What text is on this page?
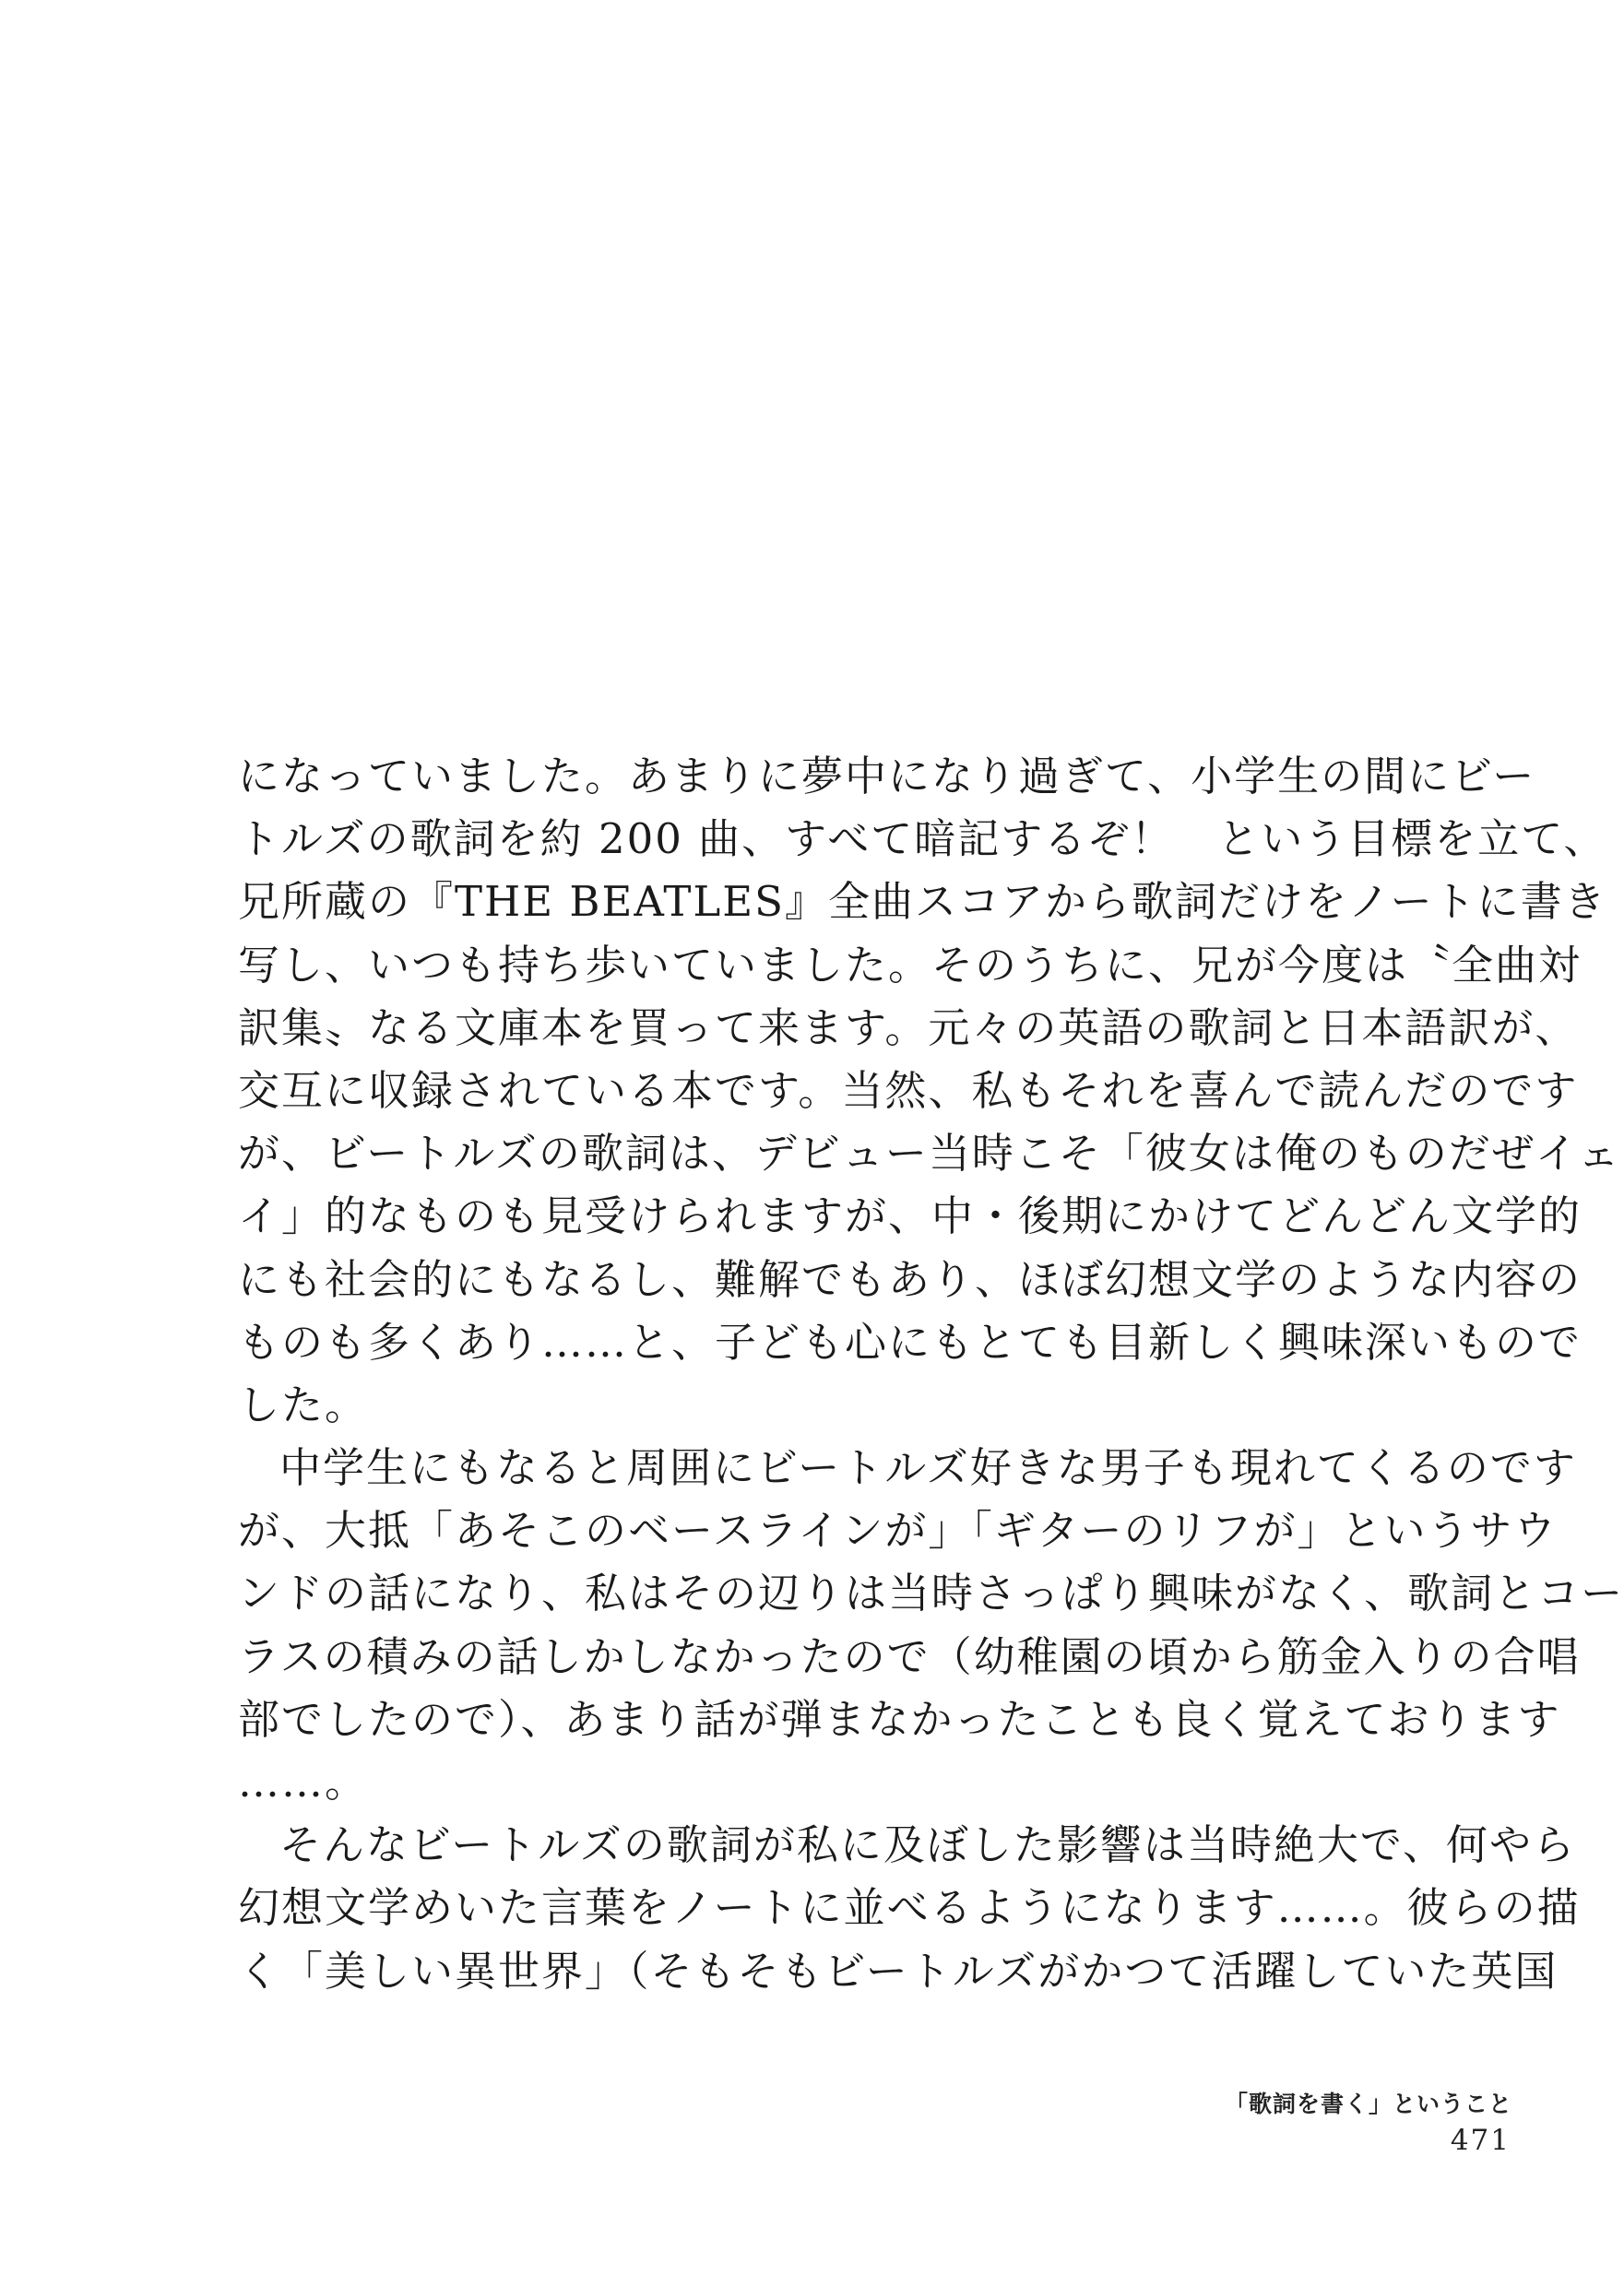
になっていました。あまりに夢中になり過ぎて、小学生の間にビー
トルズの歌詞を約 200 曲、すべて暗記するぞ！　という目標を立て、
兄所蔵の『THE BEATLES』全曲スコアから歌詞だけをノートに書き
写し、いつも持ち歩いていました。そのうちに、兄が今度は〝全曲対
訳集〟なる文庫本を買って来ます。元々の英語の歌詞と日本語訳が、
交互に収録されている本です。当然、私もそれを喜んで読んだのです
が、ビートルズの歌詞は、デビュー当時こそ「彼女は俺のものだぜイェ
イ」的なものも見受けられますが、中・後期にかけてどんどん文学的
にも社会的にもなるし、難解でもあり、ほぼ幻想文学のような内容の
ものも多くあり……と、子ども心にもとても目新しく興味深いもので
した。
中学生にもなると周囲にビートルズ好きな男子も現れてくるのです
が、大抵「あそこのベースラインが」「ギターのリフが」というサウ
ンドの話になり、私はその辺りは当時さっぱり興味がなく、歌詞とコー
ラスの積みの話しかしなかったので（幼稚園の頃から筋金入りの合唱
部でしたので）、あまり話が弾まなかったことも良く覚えております
……。
そんなビートルズの歌詞が私に及ぼした影響は当時絶大で、何やら
幻想文学めいた言葉をノートに並べるようになります……。彼らの描
く「美しい異世界」（そもそもビートルズがかつて活躍していた英国
「歌詞を書く」ということ
471
